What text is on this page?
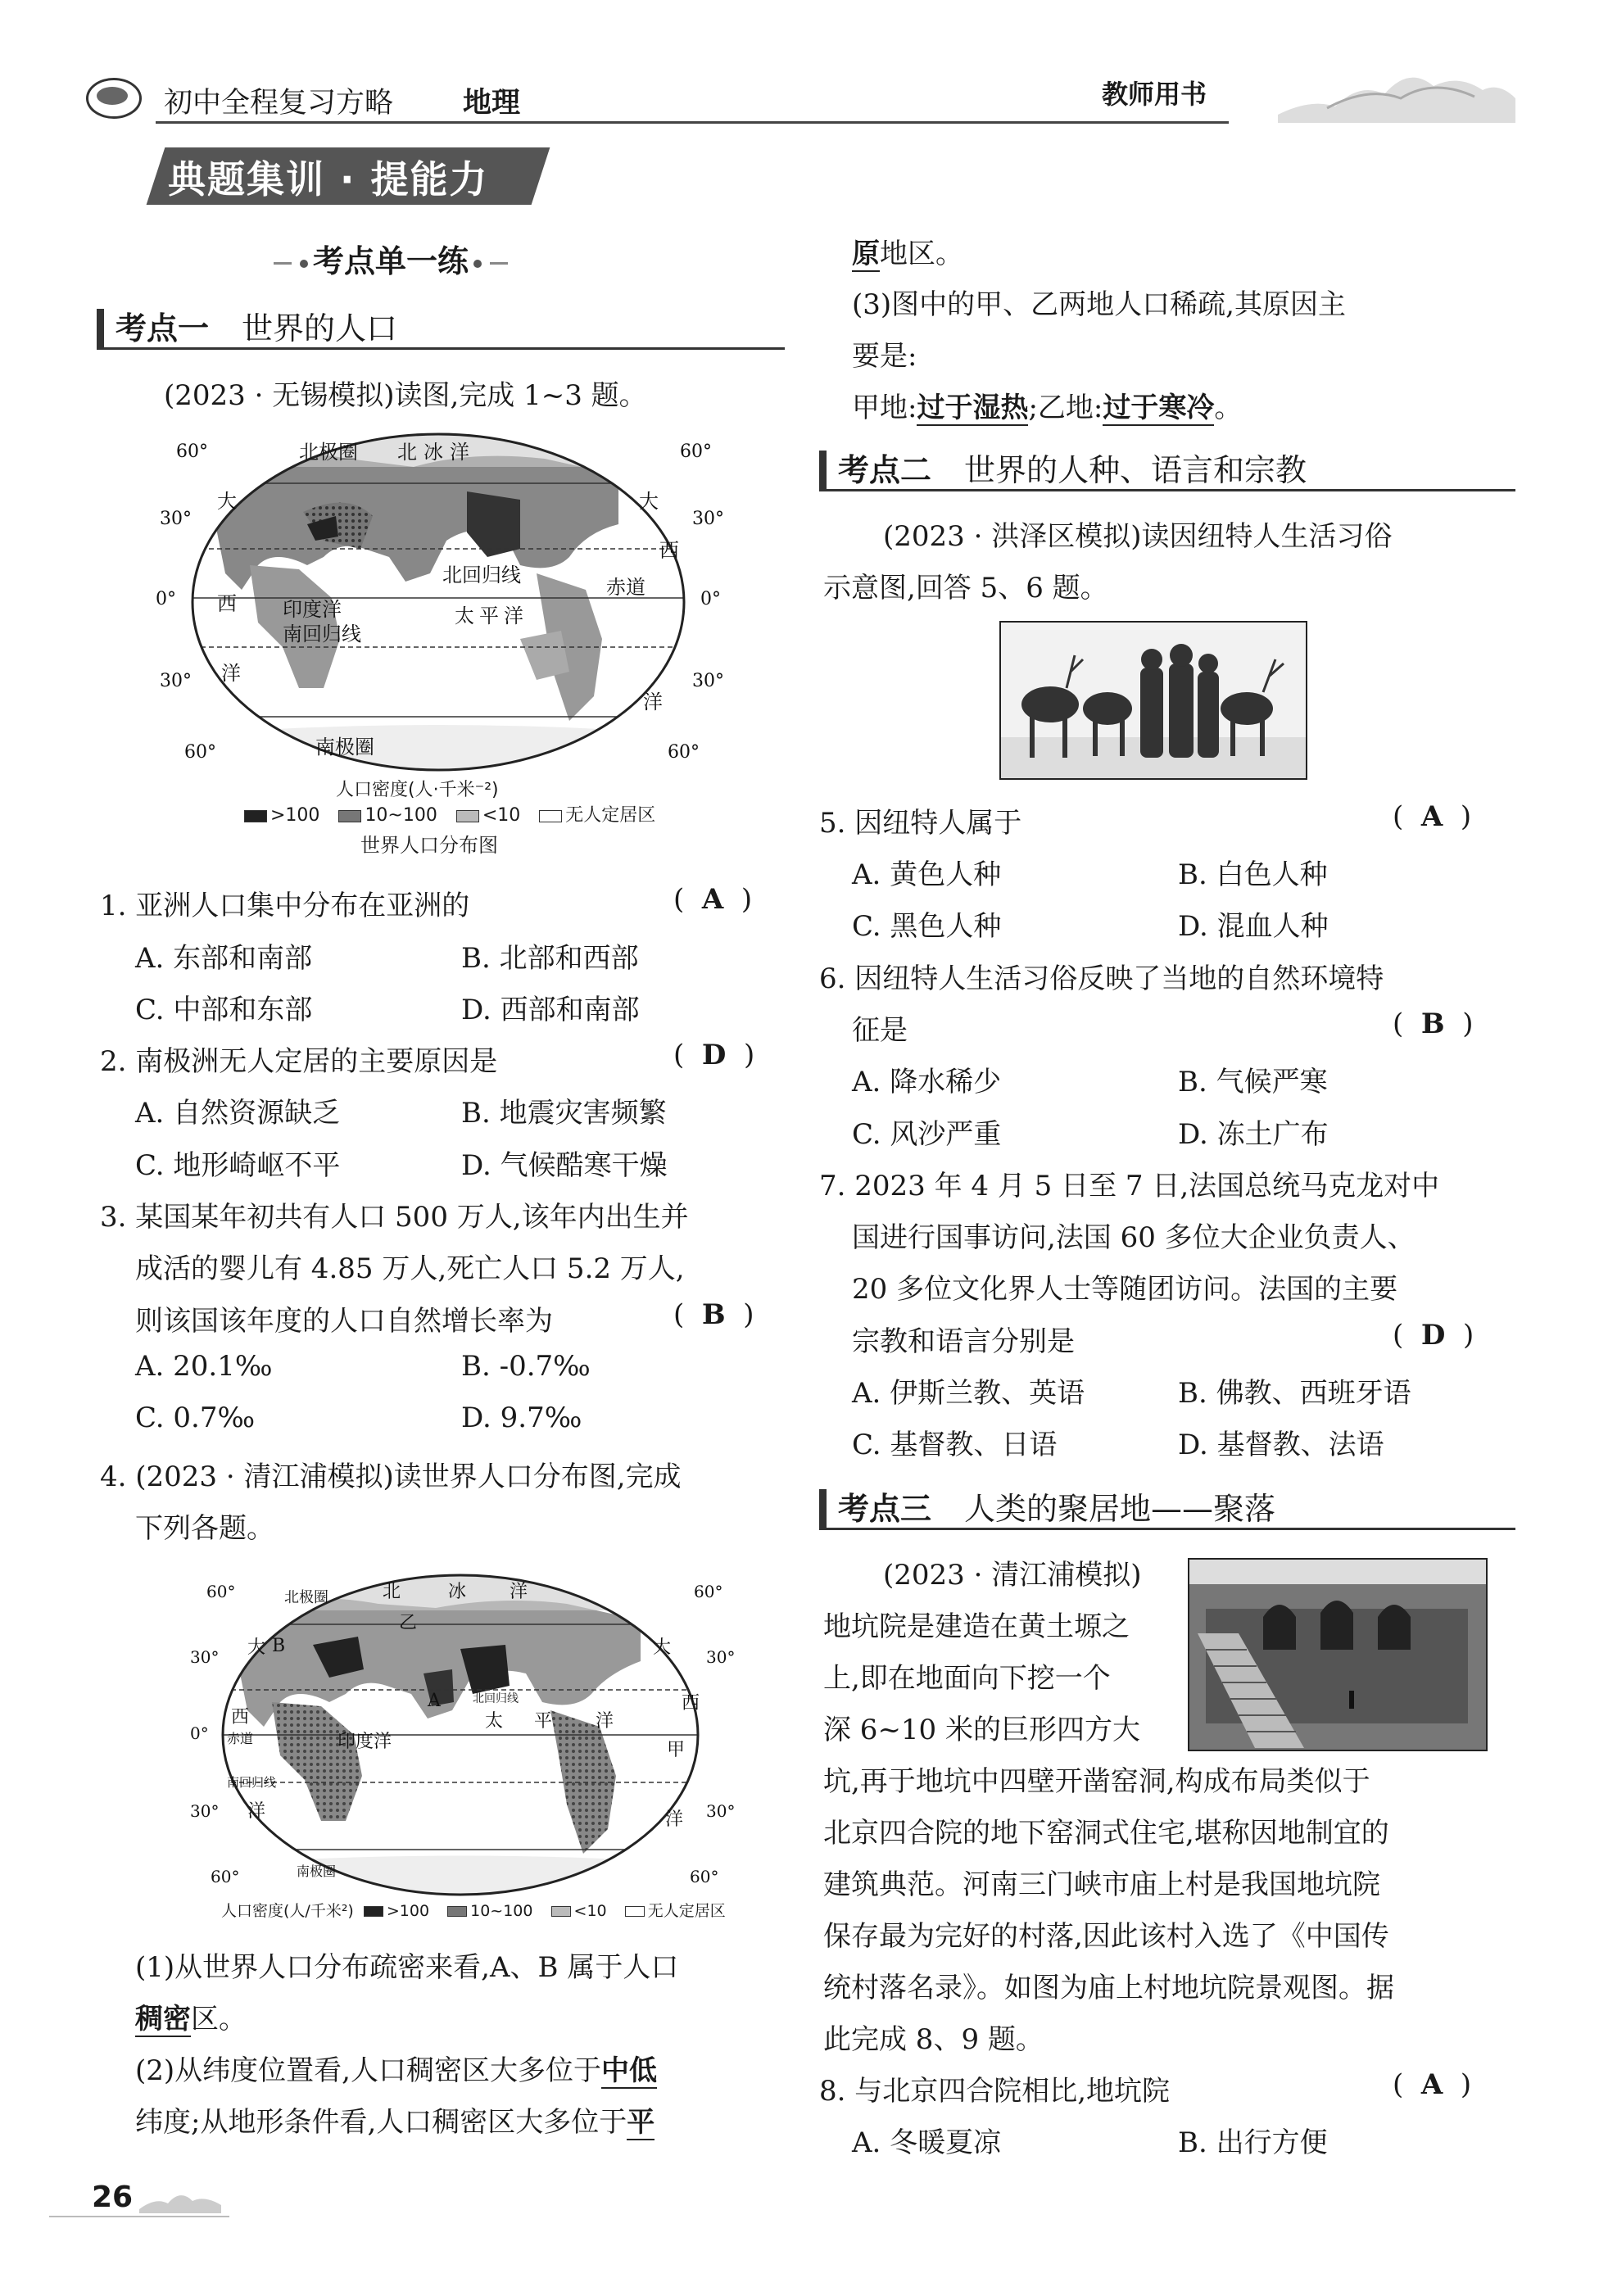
初中全程复习方略 地理	教师用书
典题集训 · 提能力
考点单一练
考点一 世界的人口
(2023 · 无锡模拟)读图,完成 1~3 题。
北极圈 北冰洋
大	大
西
西
北回归线
赤道
印度洋
南回归线
太平洋
洋
洋
南极圈
60°
30°
0°
30°
60°
60°
30°
0°
30°
60°
人口密度(人·千米⁻²)
>100	10~100	<10	无人定居区
世界人口分布图
1. 亚洲人口集中分布在亚洲的	(  A  )
A. 东部和南部	B. 北部和西部
C. 中部和东部	D. 西部和南部
2. 南极洲无人定居的主要原因是	(  D  )
A. 自然资源缺乏	B. 地震灾害频繁
C. 地形崎岖不平	D. 气候酷寒干燥
3. 某国某年初共有人口 500 万人,该年内出生并
成活的婴儿有 4.85 万人,死亡人口 5.2 万人,
则该国该年度的人口自然增长率为	(  B  )
A. 20.1‰	B. -0.7‰
C. 0.7‰	D. 9.7‰
4. (2023 · 清江浦模拟)读世界人口分布图,完成
下列各题。
北极圈	北	冰 洋
乙
大 B	大
A
西
西
赤道	印度洋
北回归线
太 平 洋
甲
南回归线
洋	洋
南极圈
60°
30°
0°
30°
60°
60°
30°
30°
60°
人口密度(人/千米²) >100	10~100	<10	无人定居区
(1)从世界人口分布疏密来看,A、B 属于人口
稠密区。
(2)从纬度位置看,人口稠密区大多位于中低
纬度;从地形条件看,人口稠密区大多位于平
原地区。
(3)图中的甲、乙两地人口稀疏,其原因主
要是:
甲地:过于湿热;乙地:过于寒冷。
考点二 世界的人种、语言和宗教
(2023 · 洪泽区模拟)读因纽特人生活习俗
示意图,回答 5、6 题。
5. 因纽特人属于	(  A  )
A. 黄色人种	B. 白色人种
C. 黑色人种	D. 混血人种
6. 因纽特人生活习俗反映了当地的自然环境特
征是	(  B  )
A. 降水稀少	B. 气候严寒
C. 风沙严重	D. 冻土广布
7. 2023 年 4 月 5 日至 7 日,法国总统马克龙对中
国进行国事访问,法国 60 多位大企业负责人、
20 多位文化界人士等随团访问。法国的主要
宗教和语言分别是	(  D  )
A. 伊斯兰教、英语	B. 佛教、西班牙语
C. 基督教、日语	D. 基督教、法语
考点三 人类的聚居地——聚落
(2023 · 清江浦模拟)
地坑院是建造在黄土塬之
上,即在地面向下挖一个
深 6~10 米的巨形四方大
坑,再于地坑中四壁开凿窑洞,构成布局类似于
北京四合院的地下窑洞式住宅,堪称因地制宜的
建筑典范。河南三门峡市庙上村是我国地坑院
保存最为完好的村落,因此该村入选了《中国传
统村落名录》。如图为庙上村地坑院景观图。据
此完成 8、9 题。
8. 与北京四合院相比,地坑院	(  A  )
A. 冬暖夏凉	B. 出行方便
26
